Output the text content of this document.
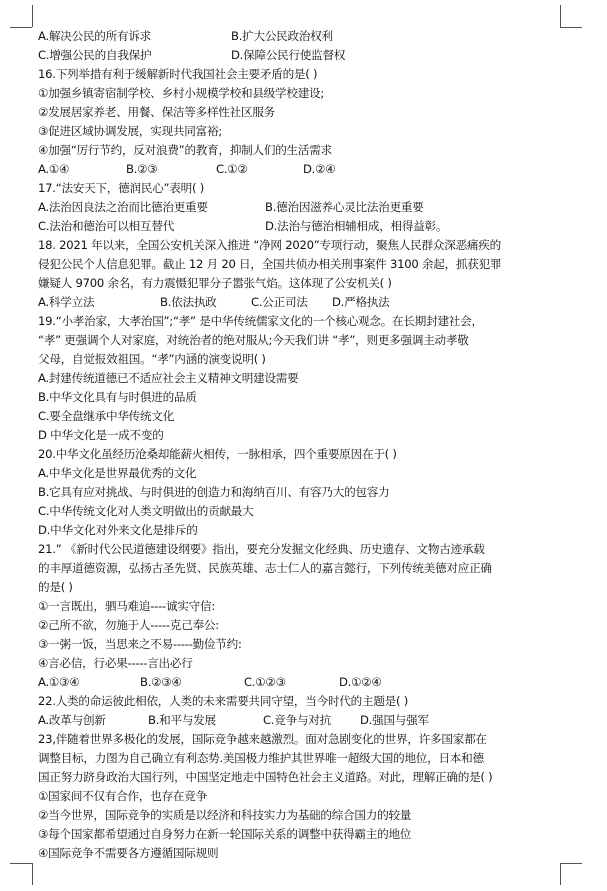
A.解决公民的所有诉求	B.扩大公民政治权利
C.增强公民的自我保护	D.保障公民行使监督权
16.下列举措有利于缓解新时代我国社会主要矛盾的是( )
①加强乡镇寄宿制学校、乡村小规模学校和县级学校建设;
②发展居家养老、用餐、保洁等多样性社区服务
③促进区域协调发展，实现共同富裕;
④加强“厉行节约，反对浪费”的教育，抑制人们的生活需求
A.①④	B.②③	C.①②	D.②④
17.“法安天下，德润民心”表明( )
A.法治因良法之治而比德治更重要	B.德治因滋养心灵比法治更重要
C.法治和德治可以相互替代	D.法治与德治相辅相成，相得益彰。
18. 2021 年以来，全国公安机关深入推进 “净网 2020”专项行动，聚焦人民群众深恶痛疾的
侵犯公民个人信息犯罪。截止 12 月 20 日，全国共侦办相关刑事案件 3100 余起，抓获犯罪
嫌疑人 9700 余名，有力震慑犯罪分子嚣张气焰。这体现了公安机关( )
A.科学立法	B.依法执政	C.公正司法 D.严格执法
19.“小孝治家，大孝治国”;“孝” 是中华传统儒家文化的一个核心观念。在长期封建社会，
“孝” 更强调个人对家庭，对统治者的绝对服从;今天我们讲 “孝”，则更多强调主动孝敬
父母，自觉报效祖国。“孝”内涵的演变说明( )
A.封建传统道德已不适应社会主义精神文明建设需要
B.中华文化具有与时俱进的品质
C.要全盘继承中华传统文化
D 中华文化是一成不变的
20.中华文化虽经历沧桑却能薪火相传，一脉相承，四个重要原因在于( )
A.中华文化是世界最优秀的文化
B.它具有应对挑战、与时俱进的创造力和海纳百川、有容乃大的包容力
C.中华传统文化对人类文明做出的贡献最大
D.中华文化对外来文化是排斥的
21.” 《新时代公民道德建设纲要》指出，要充分发掘文化经典、历史遗存、文物古迹承载
的丰厚道德资源，弘扬古圣先贤、民族英雄、志士仁人的嘉言懿行，下列传统美德对应正确
的是( )
①一言既出，驷马难追----诚实守信:
②己所不欲，勿施于人-----克己奉公:
③一粥一饭，当思来之不易-----勤俭节约:
④言必信，行必果-----言出必行
A.①③④	B.②③④	C.①②③	D.①②④
22.人类的命运彼此相依，人类的未来需要共同守望，当今时代的主题是( )
A.改革与创新	B.和平与发展	C.竞争与对抗	D.强国与强军
23,伴随着世界多极化的发展，国际竞争越来越激烈。面对急剧变化的世界，许多国家都在
调整目标，力图为自己确立有利态势.美国极力维护其世界唯一超级大国的地位，日本和德
国正努力跻身政治大国行列，中国坚定地走中国特色社会主义道路。对此，理解正确的是( )
①国家间不仅有合作，也存在竞争
②当今世界，国际竞争的实质是以经济和科技实力为基础的综合国力的较量
③每个国家都希望通过自身努力在新一轮国际关系的调整中获得霸主的地位
④国际竞争不需要各方遵循国际规则
